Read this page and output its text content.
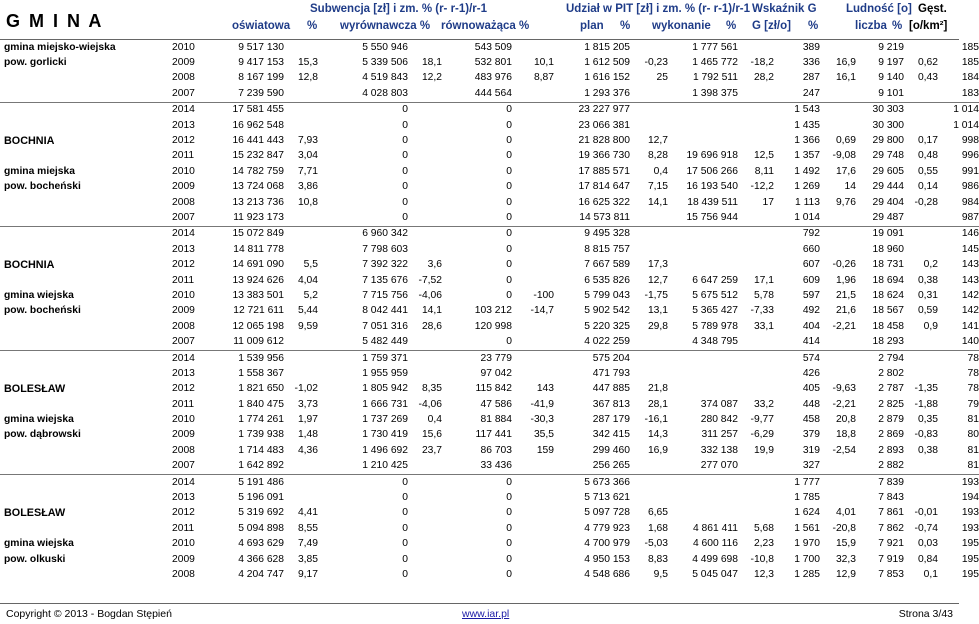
G M I N A
Subwencja [zł] i zm. % (r- r-1)/r-1	Udział w PIT [zł] i zm. % (r- r-1)/r-1 Wskaźnik G	Ludność [o] Gęst.
oświatowa % wyrównawcza % równoważąca %	plan % wykonanie % G [zł/o] %	liczba % [o/km²]
gmina miejsko-wiejska	2010	9 517 130		5 550 946		543 509		1 815 205		1 777 561		389		9 219		185
pow. gorlicki	2009	9 417 153	15,3	5 339 506	18,1	532 801	10,1	1 612 509	-0,23	1 465 772	-18,2	336	16,9	9 197	0,62	185
	2008	8 167 199	12,8	4 519 843	12,2	483 976	8,87	1 616 152	25	1 792 511	28,2	287	16,1	9 140	0,43	184
	2007	7 239 590		4 028 803		444 564		1 293 376		1 398 375		247		9 101		183
	2014	17 581 455		0		0		23 227 977				1 543		30 303		1 014
	2013	16 962 548		0		0		23 066 381				1 435		30 300		1 014
BOCHNIA	2012	16 441 443	7,93	0		0		21 828 800	12,7			1 366	0,69	29 800	0,17	998
	2011	15 232 847	3,04	0		0		19 366 730	8,28	19 696 918	12,5	1 357	-9,08	29 748	0,48	996
gmina miejska	2010	14 782 759	7,71	0		0		17 885 571	0,4	17 506 266	8,11	1 492	17,6	29 605	0,55	991
pow. bocheński	2009	13 724 068	3,86	0		0		17 814 647	7,15	16 193 540	-12,2	1 269	14	29 444	0,14	986
	2008	13 213 736	10,8	0		0		16 625 322	14,1	18 439 511	17	1 113	9,76	29 404	-0,28	984
	2007	11 923 173		0		0		14 573 811		15 756 944		1 014		29 487		987
	2014	15 072 849		6 960 342		0		9 495 328				792		19 091		146
	2013	14 811 778		7 798 603		0		8 815 757				660		18 960		145
BOCHNIA	2012	14 691 090	5,5	7 392 322	3,6	0		7 667 589	17,3			607	-0,26	18 731	0,2	143
	2011	13 924 626	4,04	7 135 676	-7,52	0		6 535 826	12,7	6 647 259	17,1	609	1,96	18 694	0,38	143
gmina wiejska	2010	13 383 501	5,2	7 715 756	-4,06	0	-100	5 799 043	-1,75	5 675 512	5,78	597	21,5	18 624	0,31	142
pow. bocheński	2009	12 721 611	5,44	8 042 441	14,1	103 212	-14,7	5 902 542	13,1	5 365 427	-7,33	492	21,6	18 567	0,59	142
	2008	12 065 198	9,59	7 051 316	28,6	120 998		5 220 325	29,8	5 789 978	33,1	404	-2,21	18 458	0,9	141
	2007	11 009 612		5 482 449		0		4 022 259		4 348 795		414		18 293		140
	2014	1 539 956		1 759 371		23 779		575 204				574		2 794		78
	2013	1 558 367		1 955 959		97 042		471 793				426		2 802		78
BOLESŁAW	2012	1 821 650	-1,02	1 805 942	8,35	115 842	143	447 885	21,8			405	-9,63	2 787	-1,35	78
	2011	1 840 475	3,73	1 666 731	-4,06	47 586	-41,9	367 813	28,1	374 087	33,2	448	-2,21	2 825	-1,88	79
gmina wiejska	2010	1 774 261	1,97	1 737 269	0,4	81 884	-30,3	287 179	-16,1	280 842	-9,77	458	20,8	2 879	0,35	81
pow. dąbrowski	2009	1 739 938	1,48	1 730 419	15,6	117 441	35,5	342 415	14,3	311 257	-6,29	379	18,8	2 869	-0,83	80
	2008	1 714 483	4,36	1 496 692	23,7	86 703	159	299 460	16,9	332 138	19,9	319	-2,54	2 893	0,38	81
	2007	1 642 892		1 210 425		33 436		256 265		277 070		327		2 882		81
	2014	5 191 486		0		0		5 673 366				1 777		7 839		193
	2013	5 196 091		0		0		5 713 621				1 785		7 843		194
BOLESŁAW	2012	5 319 692	4,41	0		0		5 097 728	6,65			1 624	4,01	7 861	-0,01	193
	2011	5 094 898	8,55	0		0		4 779 923	1,68	4 861 411	5,68	1 561	-20,8	7 862	-0,74	193
gmina wiejska	2010	4 693 629	7,49	0		0		4 700 979	-5,03	4 600 116	2,23	1 970	15,9	7 921	0,03	195
pow. olkuski	2009	4 366 628	3,85	0		0		4 950 153	8,83	4 499 698	-10,8	1 700	32,3	7 919	0,84	195
	2008	4 204 747	9,17	0		0		4 548 686	9,5	5 045 047	12,3	1 285	12,9	7 853	0,1	195
Copyright © 2013 - Bogdan Stępień	www.iar.pl	Strona 3/43
